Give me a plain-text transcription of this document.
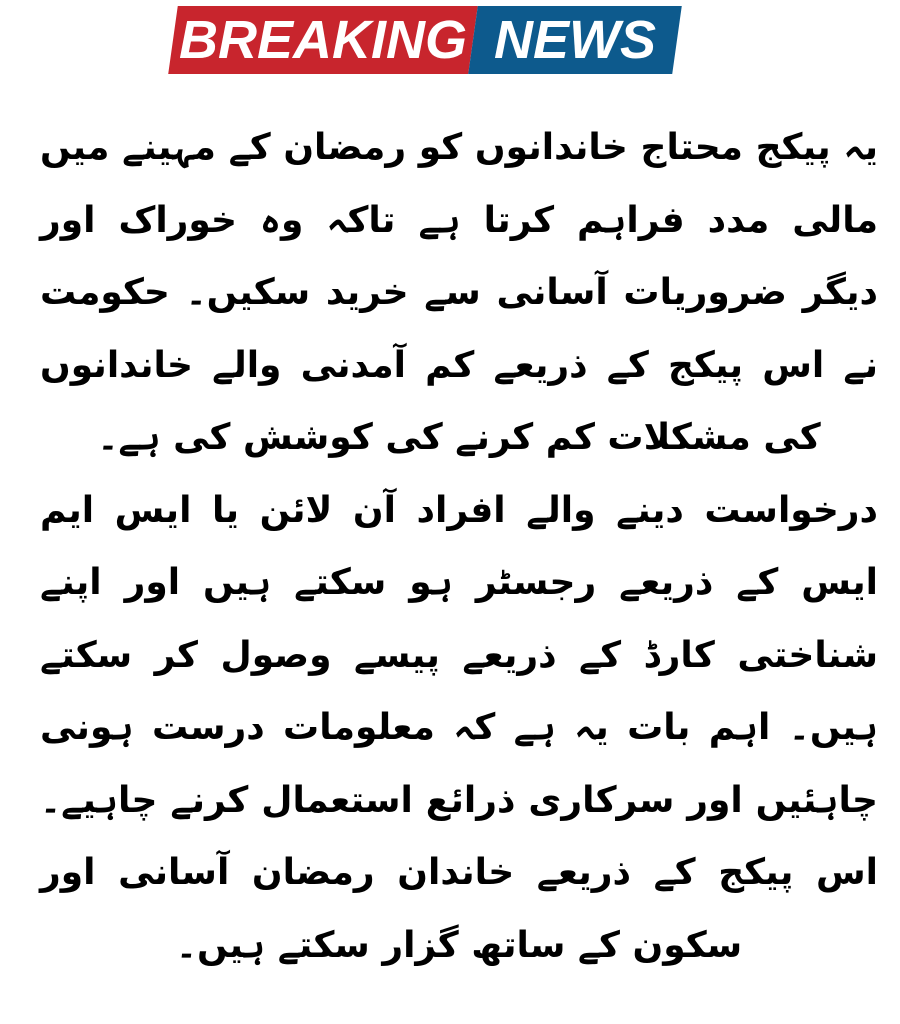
BREAKING NEWS

یہ پیکج محتاج خاندانوں کو رمضان کے مہینے میں مالی مدد فراہم کرتا ہے تاکہ وہ خوراک اور دیگر ضروریات آسانی سے خرید سکیں۔ حکومت نے اس پیکج کے ذریعے کم آمدنی والے خاندانوں کی مشکلات کم کرنے کی کوشش کی ہے۔

درخواست دینے والے افراد آن لائن یا ایس ایم ایس کے ذریعے رجسٹر ہو سکتے ہیں اور اپنے شناختی کارڈ کے ذریعے پیسے وصول کر سکتے ہیں۔ اہم بات یہ ہے کہ معلومات درست ہونی چاہئیں اور سرکاری ذرائع استعمال کرنے چاہیے۔ اس پیکج کے ذریعے خاندان رمضان آسانی اور سکون کے ساتھ گزار سکتے ہیں۔
